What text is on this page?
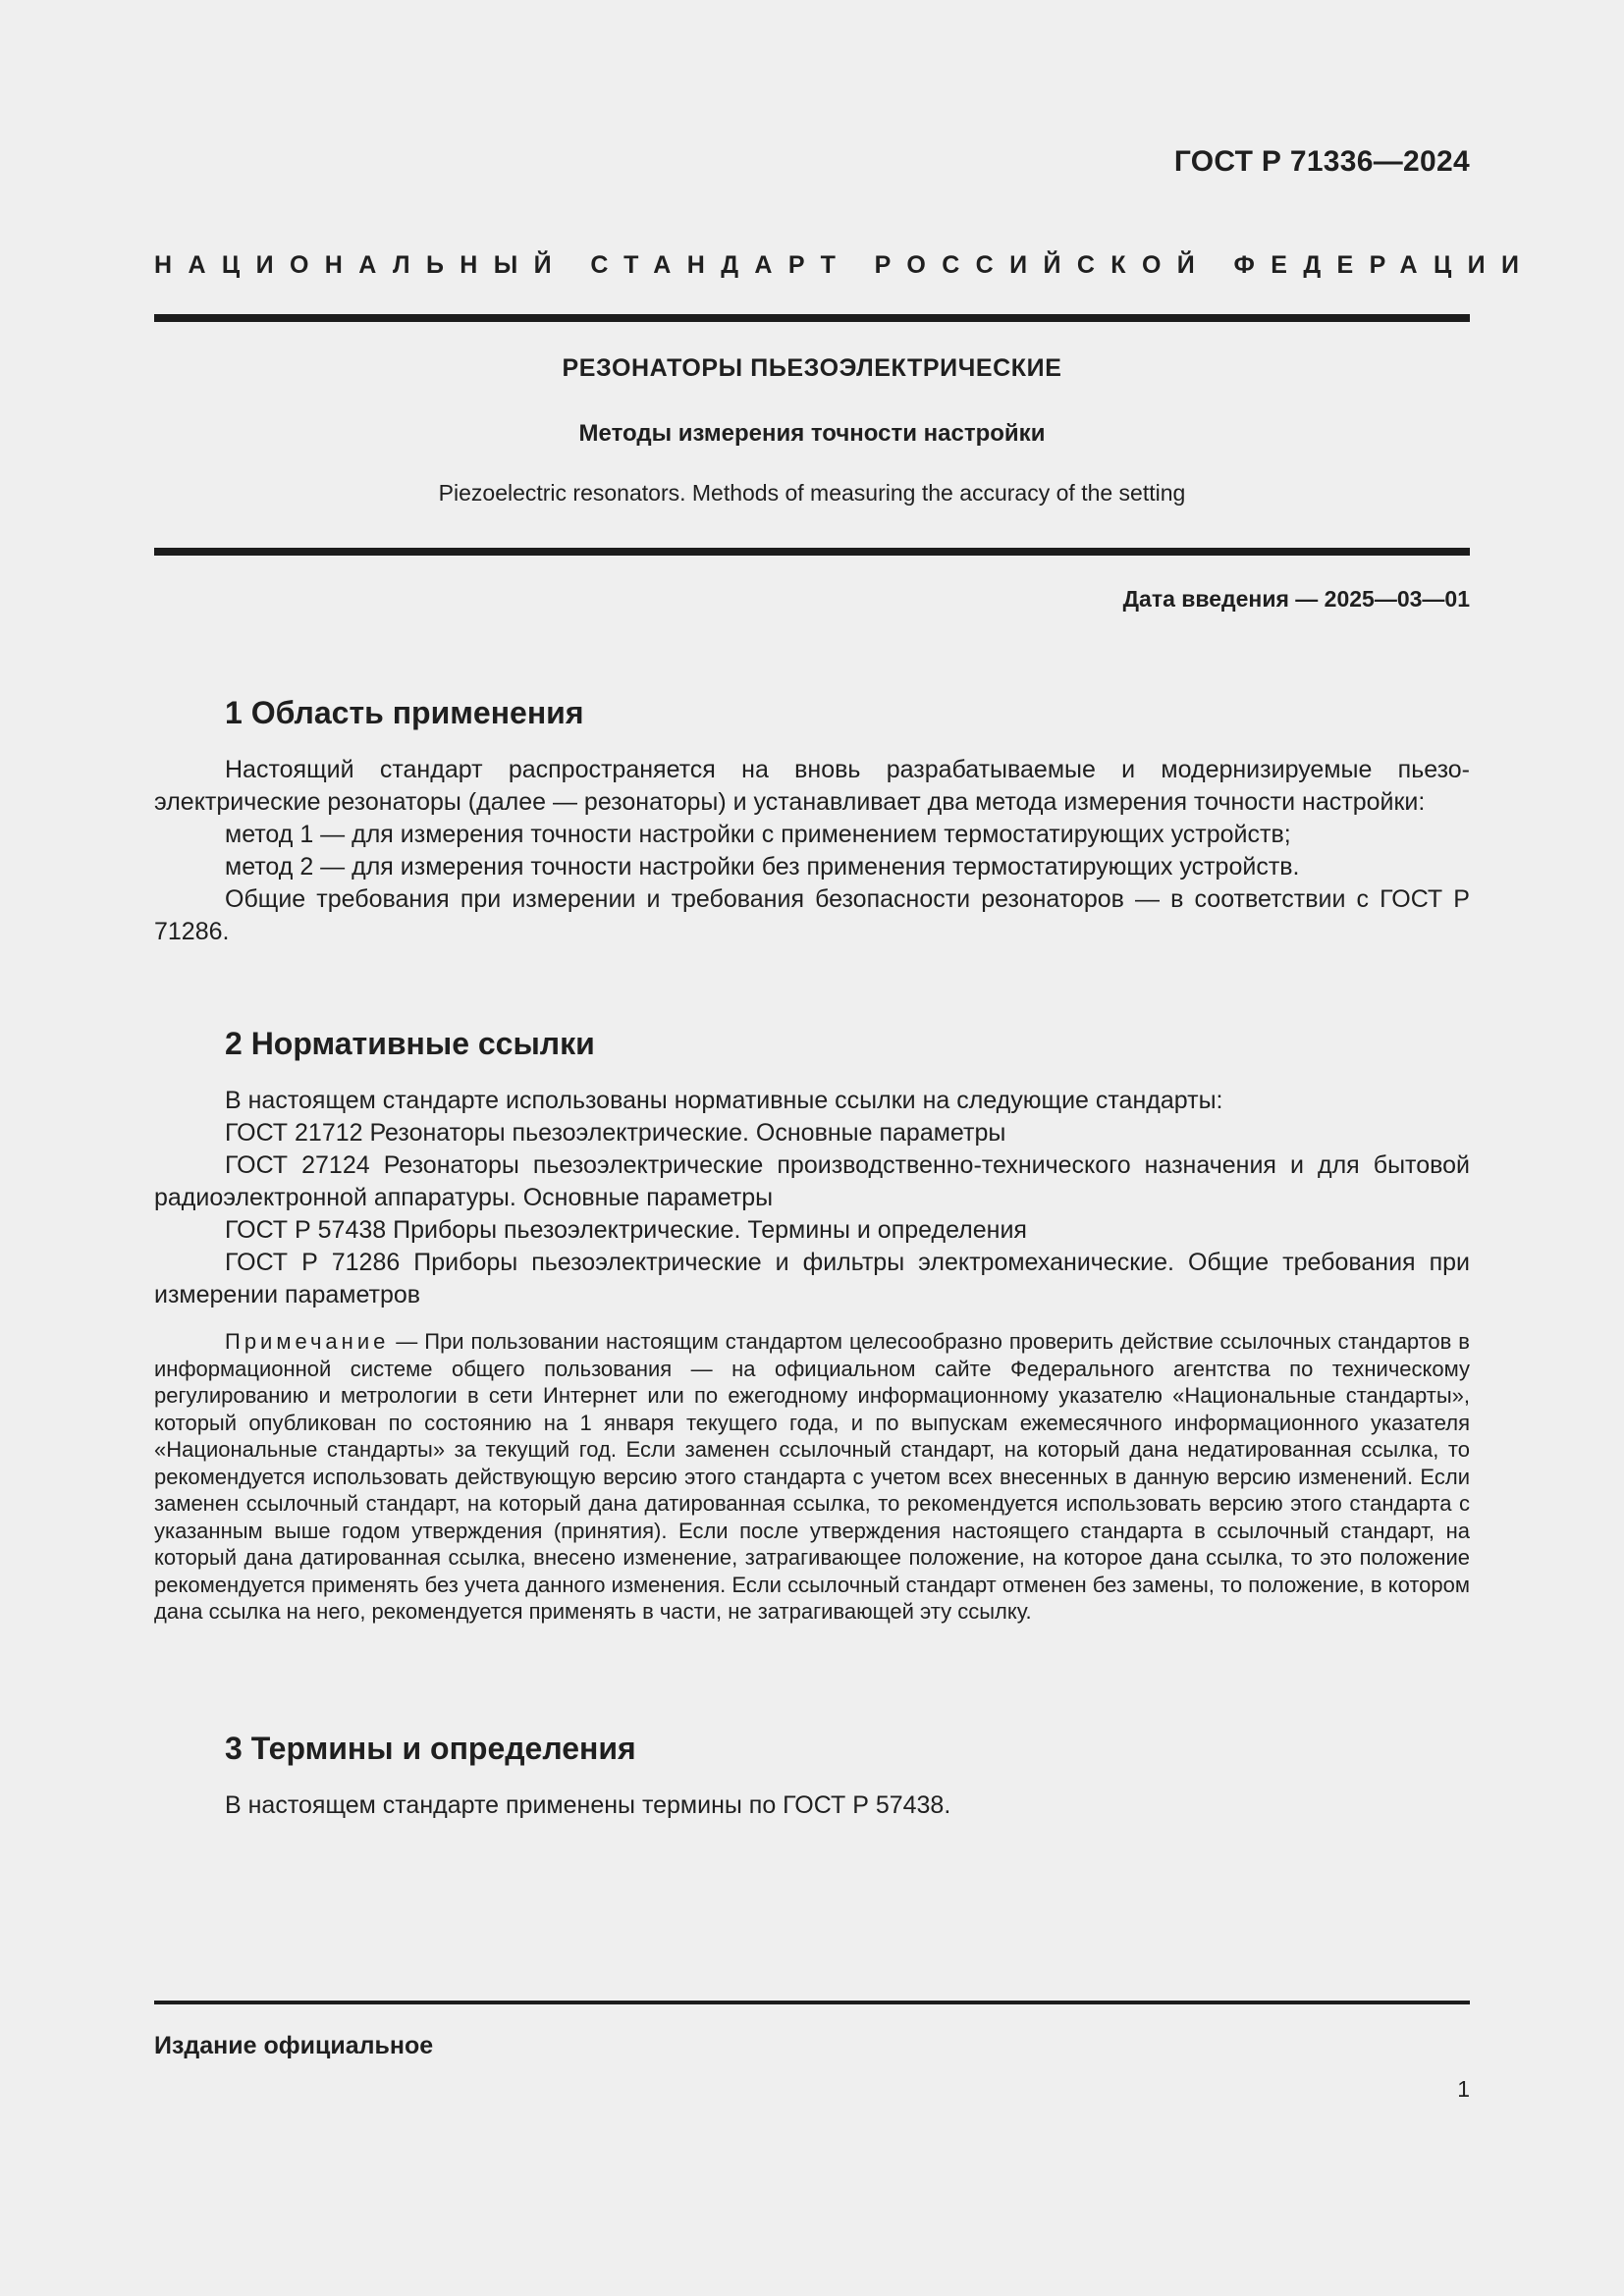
ГОСТ Р 71336—2024
НАЦИОНАЛЬНЫЙ СТАНДАРТ РОССИЙСКОЙ ФЕДЕРАЦИИ
РЕЗОНАТОРЫ ПЬЕЗОЭЛЕКТРИЧЕСКИЕ
Методы измерения точности настройки
Piezoelectric resonators. Methods of measuring the accuracy of the setting
Дата введения — 2025—03—01
1 Область применения

Настоящий стандарт распространяется на вновь разрабатываемые и модернизируемые пьезоэлектрические резонаторы (далее — резонаторы) и устанавливает два метода измерения точности настройки:

метод 1 — для измерения точности настройки с применением термостатирующих устройств;

метод 2 — для измерения точности настройки без применения термостатирующих устройств.

Общие требования при измерении и требования безопасности резонаторов — в соответствии с ГОСТ Р 71286.

2 Нормативные ссылки

В настоящем стандарте использованы нормативные ссылки на следующие стандарты:

ГОСТ 21712 Резонаторы пьезоэлектрические. Основные параметры

ГОСТ 27124 Резонаторы пьезоэлектрические производственно-технического назначения и для бытовой радиоэлектронной аппаратуры. Основные параметры

ГОСТ Р 57438 Приборы пьезоэлектрические. Термины и определения

ГОСТ Р 71286 Приборы пьезоэлектрические и фильтры электромеханические. Общие требования при измерении параметров

Примечание — При пользовании настоящим стандартом целесообразно проверить действие ссылочных стандартов в информационной системе общего пользования — на официальном сайте Федерального агентства по техническому регулированию и метрологии в сети Интернет или по ежегодному информационному указателю «Национальные стандарты», который опубликован по состоянию на 1 января текущего года, и по выпускам ежемесячного информационного указателя «Национальные стандарты» за текущий год. Если заменен ссылочный стандарт, на который дана недатированная ссылка, то рекомендуется использовать действующую версию этого стандарта с учетом всех внесенных в данную версию изменений. Если заменен ссылочный стандарт, на который дана датированная ссылка, то рекомендуется использовать версию этого стандарта с указанным выше годом утверждения (принятия). Если после утверждения настоящего стандарта в ссылочный стандарт, на который дана датированная ссылка, внесено изменение, затрагивающее положение, на которое дана ссылка, то это положение рекомендуется применять без учета данного изменения. Если ссылочный стандарт отменен без замены, то положение, в котором дана ссылка на него, рекомендуется применять в части, не затрагивающей эту ссылку.

3 Термины и определения

В настоящем стандарте применены термины по ГОСТ Р 57438.

Издание официальное
1
